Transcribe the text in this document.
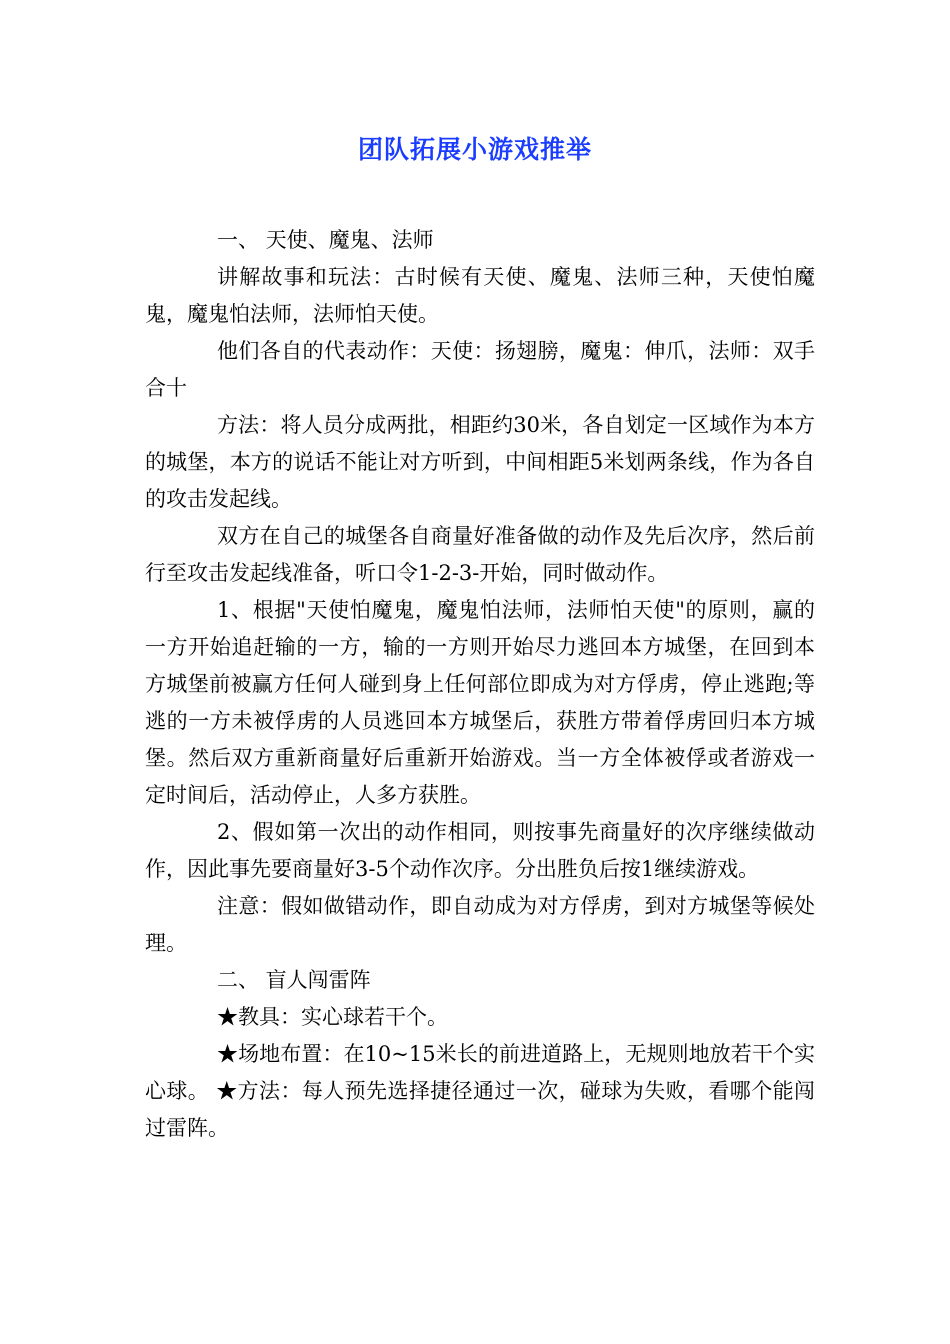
团队拓展小游戏推举

一、 天使、魔鬼、法师

讲解故事和玩法：古时候有天使、魔鬼、法师三种，天使怕魔鬼，魔鬼怕法师，法师怕天使。

他们各自的代表动作：天使：扬翅膀，魔鬼：伸爪，法师：双手合十

方法：将人员分成两批，相距约30米，各自划定一区域作为本方的城堡，本方的说话不能让对方听到，中间相距5米划两条线，作为各自的攻击发起线。

双方在自己的城堡各自商量好准备做的动作及先后次序，然后前行至攻击发起线准备，听口令1-2-3-开始，同时做动作。

1、根据"天使怕魔鬼，魔鬼怕法师，法师怕天使"的原则，赢的一方开始追赶输的一方，输的一方则开始尽力逃回本方城堡，在回到本方城堡前被赢方任何人碰到身上任何部位即成为对方俘虏，停止逃跑;等逃的一方未被俘虏的人员逃回本方城堡后，获胜方带着俘虏回归本方城堡。然后双方重新商量好后重新开始游戏。当一方全体被俘或者游戏一定时间后，活动停止，人多方获胜。

2、假如第一次出的动作相同，则按事先商量好的次序继续做动作，因此事先要商量好3-5个动作次序。分出胜负后按1继续游戏。

注意：假如做错动作，即自动成为对方俘虏，到对方城堡等候处理。

二、 盲人闯雷阵

★教具：实心球若干个。

★场地布置：在10~15米长的前进道路上，无规则地放若干个实心球。 ★方法：每人预先选择捷径通过一次，碰球为失败，看哪个能闯过雷阵。
